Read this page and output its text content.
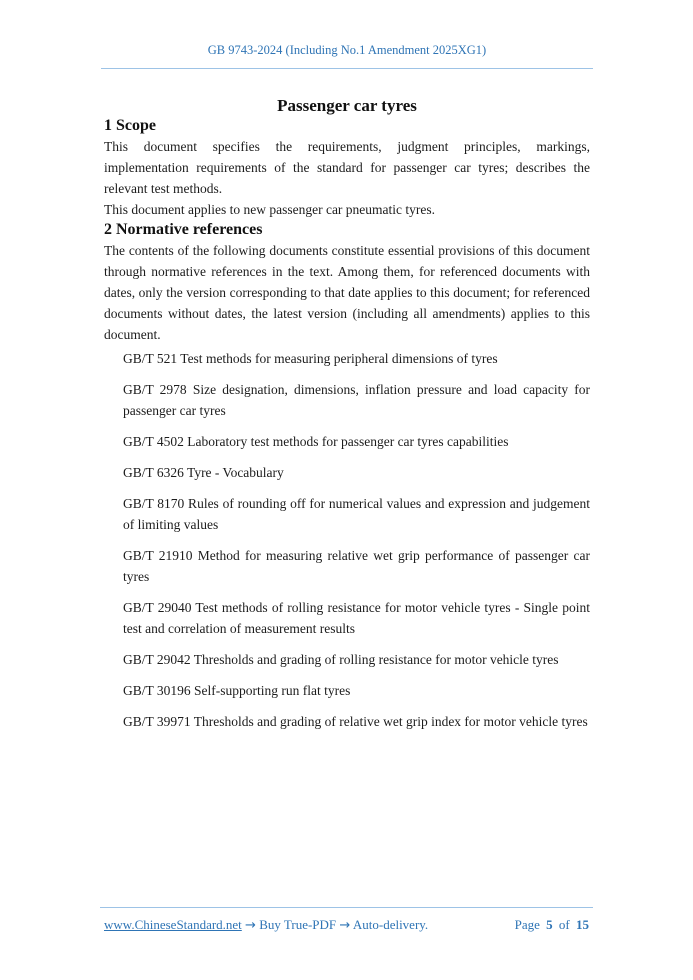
GB 9743-2024 (Including No.1 Amendment 2025XG1)
Passenger car tyres
1 Scope

This document specifies the requirements, judgment principles, markings, implementation requirements of the standard for passenger car tyres; describes the relevant test methods.

This document applies to new passenger car pneumatic tyres.

2 Normative references

The contents of the following documents constitute essential provisions of this document through normative references in the text. Among them, for referenced documents with dates, only the version corresponding to that date applies to this document; for referenced documents without dates, the latest version (including all amendments) applies to this document.

GB/T 521 Test methods for measuring peripheral dimensions of tyres

GB/T 2978 Size designation, dimensions, inflation pressure and load capacity for passenger car tyres

GB/T 4502 Laboratory test methods for passenger car tyres capabilities

GB/T 6326 Tyre - Vocabulary

GB/T 8170 Rules of rounding off for numerical values and expression and judgement of limiting values

GB/T 21910 Method for measuring relative wet grip performance of passenger car tyres

GB/T 29040 Test methods of rolling resistance for motor vehicle tyres - Single point test and correlation of measurement results

GB/T 29042 Thresholds and grading of rolling resistance for motor vehicle tyres

GB/T 30196 Self-supporting run flat tyres

GB/T 39971 Thresholds and grading of relative wet grip index for motor vehicle tyres

www.ChineseStandard.net → Buy True-PDF → Auto-delivery.	Page 5 of 15
